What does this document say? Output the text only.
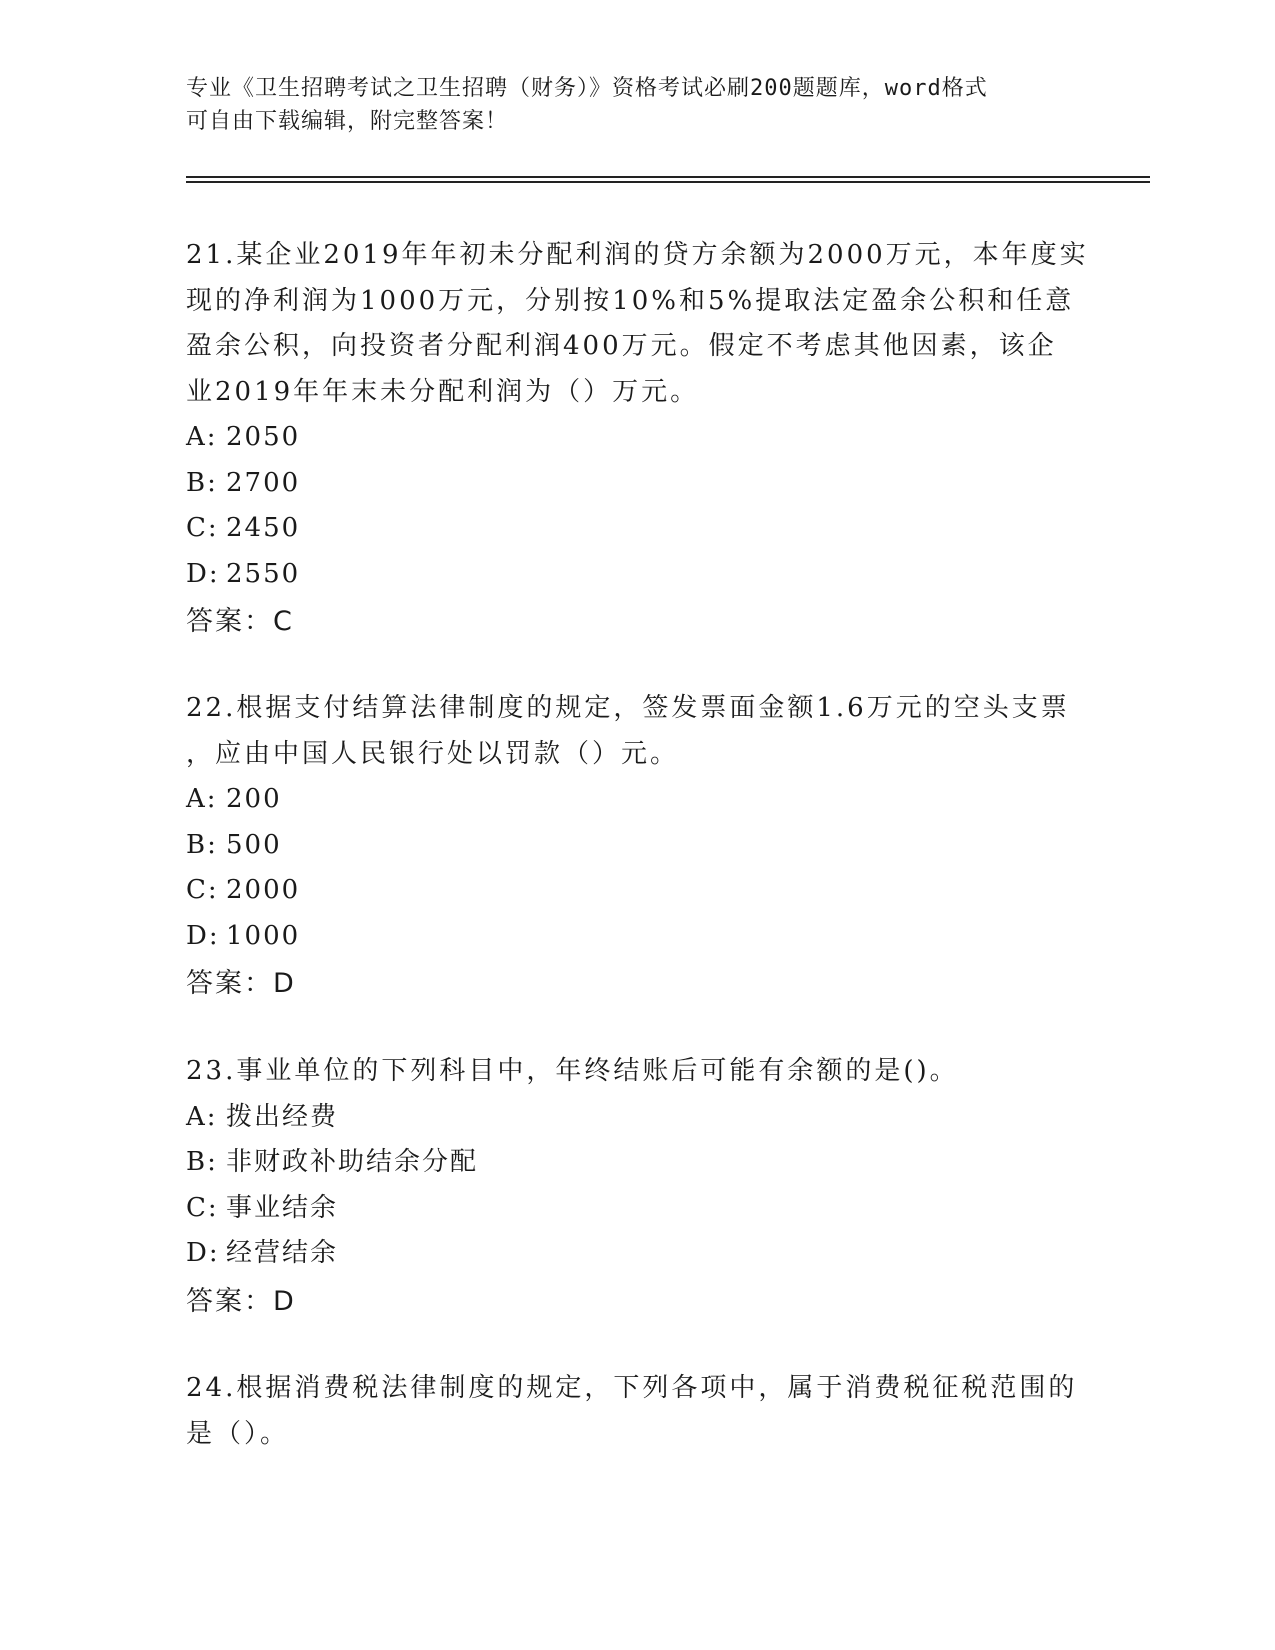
专业《卫生招聘考试之卫生招聘（财务）》资格考试必刷200题题库，word格式
可自由下载编辑，附完整答案！
21.某企业2019年年初未分配利润的贷方余额为2000万元，本年度实
现的净利润为1000万元，分别按10%和5%提取法定盈余公积和任意
盈余公积，向投资者分配利润400万元。假定不考虑其他因素，该企
业2019年年末未分配利润为（）万元。
A: 2050
B: 2700
C: 2450
D: 2550
答案：C
22.根据支付结算法律制度的规定，签发票面金额1.6万元的空头支票
，应由中国人民银行处以罚款（）元。
A: 200
B: 500
C: 2000
D: 1000
答案：D
23.事业单位的下列科目中，年终结账后可能有余额的是()。
A: 拨出经费
B: 非财政补助结余分配
C: 事业结余
D: 经营结余
答案：D
24.根据消费税法律制度的规定，下列各项中，属于消费税征税范围的
是（）。
